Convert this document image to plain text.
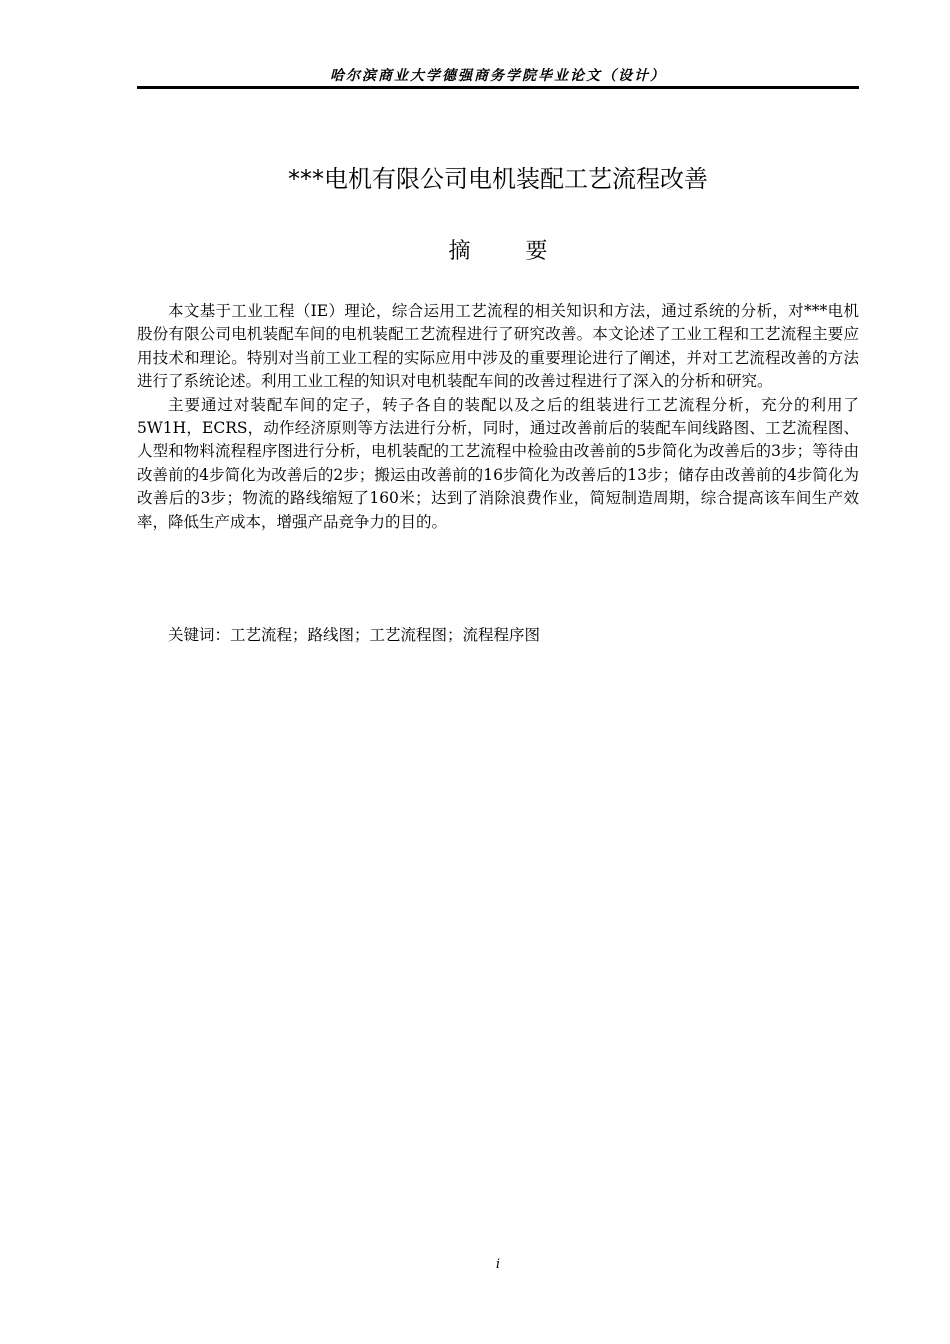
哈尔滨商业大学德强商务学院毕业论文（设计）
***电机有限公司电机装配工艺流程改善
摘 要

本文基于工业工程（IE）理论，综合运用工艺流程的相关知识和方法，通过系统的分析，对***电机股份有限公司电机装配车间的电机装配工艺流程进行了研究改善。本文论述了工业工程和工艺流程主要应用技术和理论。特别对当前工业工程的实际应用中涉及的重要理论进行了阐述，并对工艺流程改善的方法进行了系统论述。利用工业工程的知识对电机装配车间的改善过程进行了深入的分析和研究。

主要通过对装配车间的定子，转子各自的装配以及之后的组装进行工艺流程分析，充分的利用了5W1H，ECRS，动作经济原则等方法进行分析，同时，通过改善前后的装配车间线路图、工艺流程图、人型和物料流程程序图进行分析，电机装配的工艺流程中检验由改善前的5步简化为改善后的3步；等待由改善前的4步简化为改善后的2步；搬运由改善前的16步简化为改善后的13步；储存由改善前的4步简化为改善后的3步；物流的路线缩短了160米；达到了消除浪费作业，简短制造周期，综合提高该车间生产效率，降低生产成本，增强产品竞争力的目的。

关键词：工艺流程；路线图；工艺流程图；流程程序图
i
